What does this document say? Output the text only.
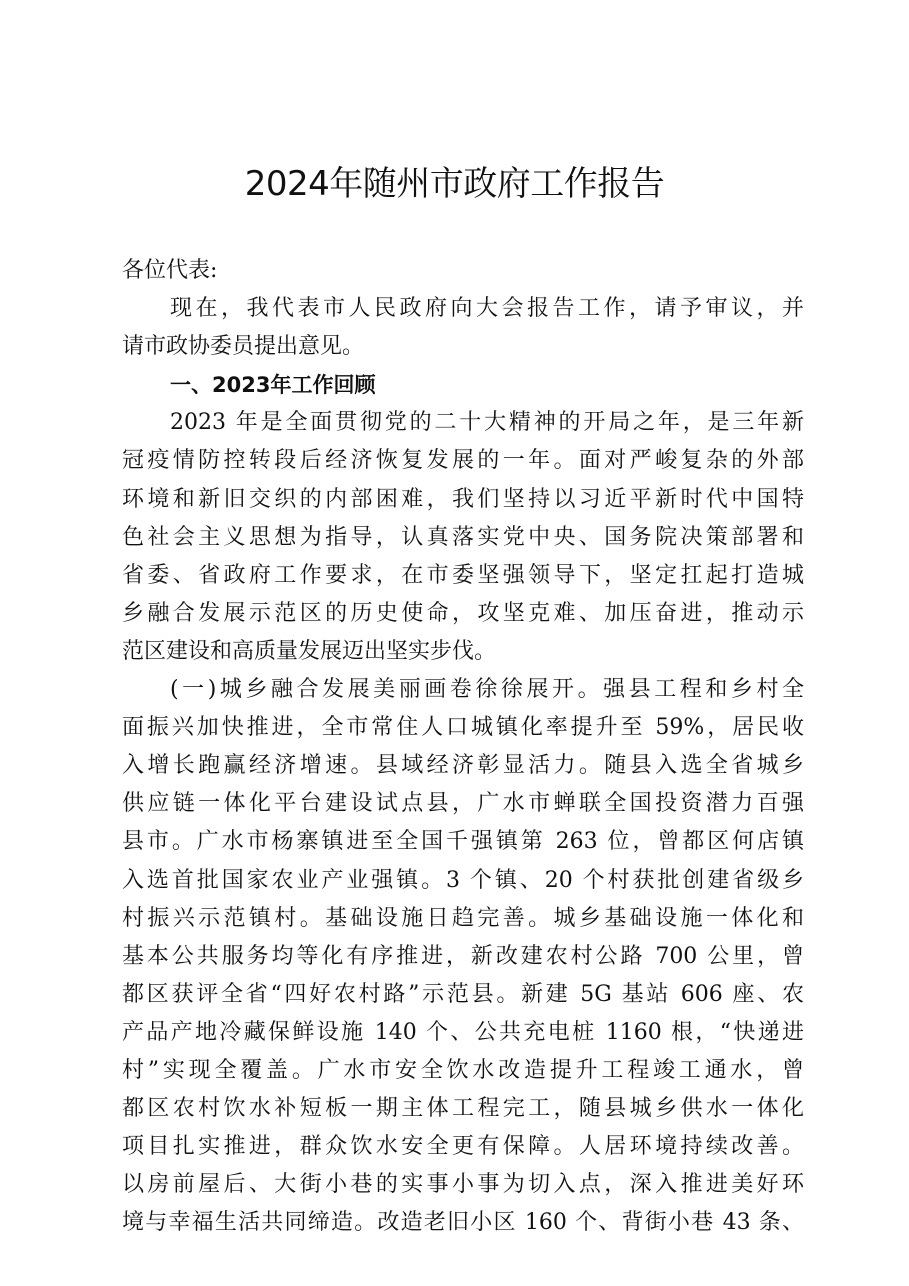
2024年随州市政府工作报告
各位代表:
现在，我代表市人民政府向大会报告工作，请予审议，并
请市政协委员提出意见。
一、2023年工作回顾
2023 年是全面贯彻党的二十大精神的开局之年，是三年新
冠疫情防控转段后经济恢复发展的一年。面对严峻复杂的外部
环境和新旧交织的内部困难，我们坚持以习近平新时代中国特
色社会主义思想为指导，认真落实党中央、国务院决策部署和
省委、省政府工作要求，在市委坚强领导下，坚定扛起打造城
乡融合发展示范区的历史使命，攻坚克难、加压奋进，推动示
范区建设和高质量发展迈出坚实步伐。
(一)城乡融合发展美丽画卷徐徐展开。强县工程和乡村全
面振兴加快推进，全市常住人口城镇化率提升至 59%，居民收
入增长跑赢经济增速。县域经济彰显活力。随县入选全省城乡
供应链一体化平台建设试点县，广水市蝉联全国投资潜力百强
县市。广水市杨寨镇进至全国千强镇第 263 位，曾都区何店镇
入选首批国家农业产业强镇。3 个镇、20 个村获批创建省级乡
村振兴示范镇村。基础设施日趋完善。城乡基础设施一体化和
基本公共服务均等化有序推进，新改建农村公路 700 公里，曾
都区获评全省“四好农村路”示范县。新建 5G 基站 606 座、农
产品产地冷藏保鲜设施 140 个、公共充电桩 1160 根，“快递进
村”实现全覆盖。广水市安全饮水改造提升工程竣工通水，曾
都区农村饮水补短板一期主体工程完工，随县城乡供水一体化
项目扎实推进，群众饮水安全更有保障。人居环境持续改善。
以房前屋后、大街小巷的实事小事为切入点，深入推进美好环
境与幸福生活共同缔造。改造老旧小区 160 个、背街小巷 43 条、
